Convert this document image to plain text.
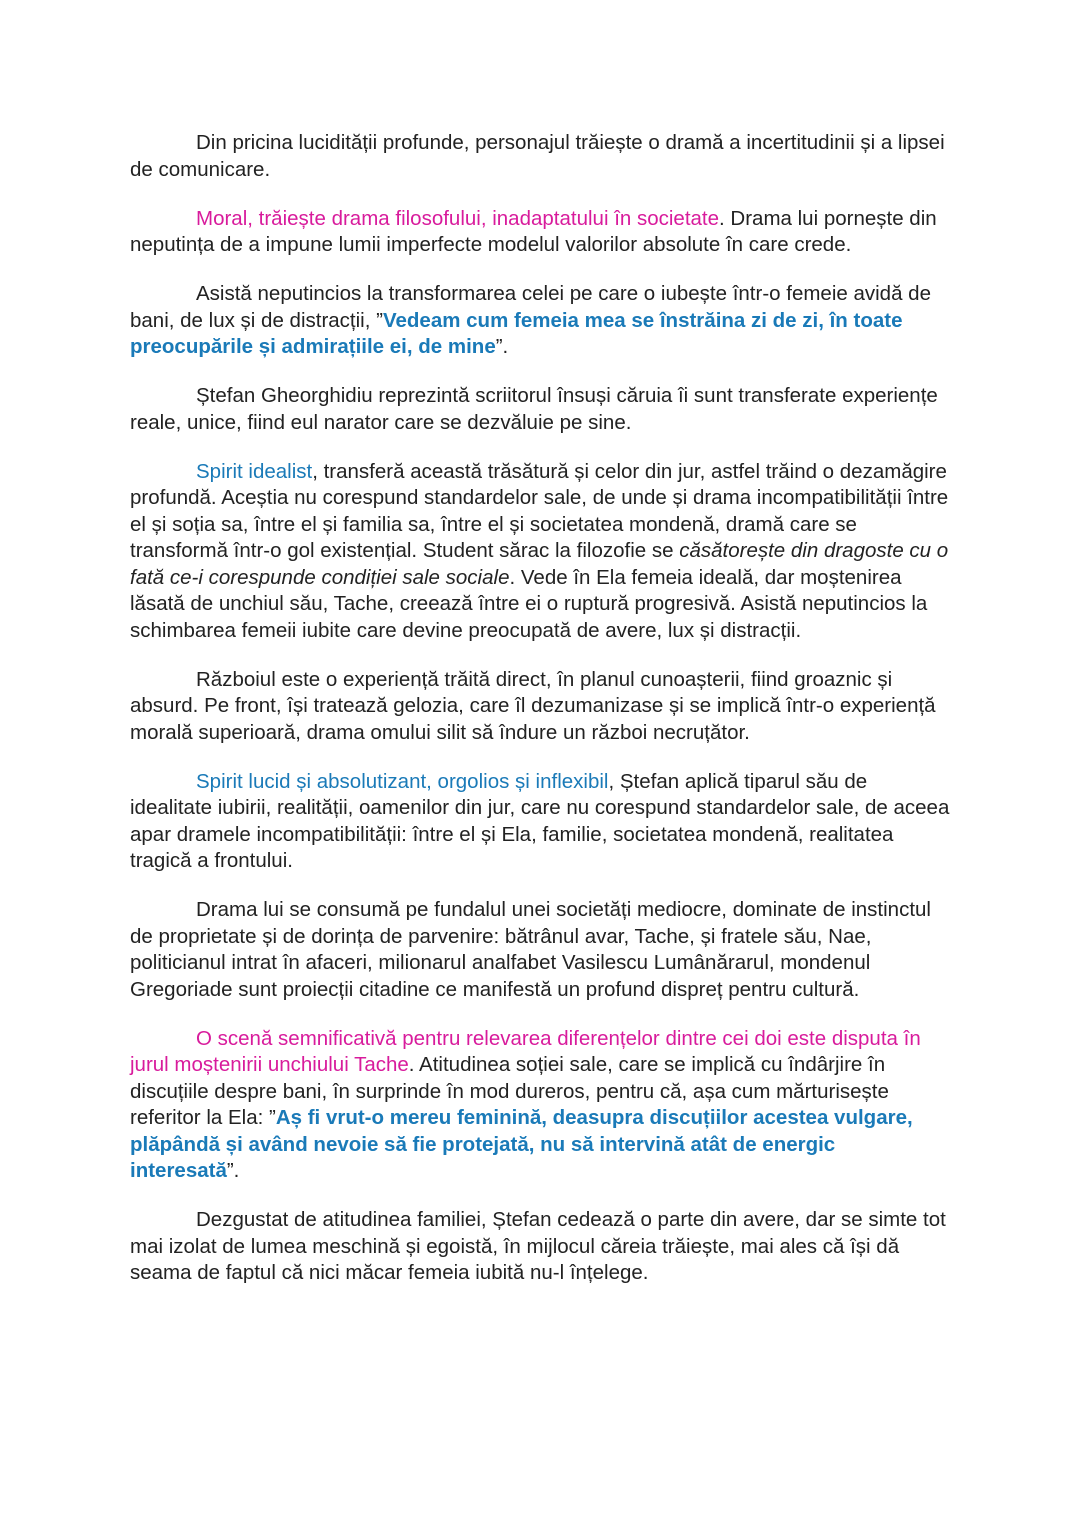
Din pricina lucidității profunde, personajul trăiește o dramă a incertitudinii și a lipsei de comunicare.

Moral, trăiește drama filosofului, inadaptatului în societate. Drama lui pornește din neputința de a impune lumii imperfecte modelul valorilor absolute în care crede.

Asistă neputincios la transformarea celei pe care o iubește într-o femeie avidă de bani, de lux și de distracții, ”Vedeam cum femeia mea se înstrăina zi de zi, în toate preocupările și admirațiile ei, de mine”.

Ștefan Gheorghidiu reprezintă scriitorul însuși căruia îi sunt transferate experiențe reale, unice, fiind eul narator care se dezvăluie pe sine.

Spirit idealist, transferă această trăsătură și celor din jur, astfel trăind o dezamăgire profundă. Aceștia nu corespund standardelor sale, de unde și drama incompatibilității între el și soția sa, între el și familia sa, între el și societatea mondenă, dramă care se transformă într-o gol existențial. Student sărac la filozofie se căsătorește din dragoste cu o fată ce-i corespunde condiției sale sociale. Vede în Ela femeia ideală, dar moștenirea lăsată de unchiul său, Tache, creează între ei o ruptură progresivă. Asistă neputincios la schimbarea femeii iubite care devine preocupată de avere, lux și distracții.

Războiul este o experiență trăită direct, în planul cunoașterii, fiind groaznic și absurd. Pe front, își tratează gelozia, care îl dezumanizase și se implică într-o experiență morală superioară, drama omului silit să îndure un război necruțător.

Spirit lucid și absolutizant, orgolios și inflexibil, Ștefan aplică tiparul său de idealitate iubirii, realității, oamenilor din jur, care nu corespund standardelor sale, de aceea apar dramele incompatibilității: între el și Ela, familie, societatea mondenă, realitatea tragică a frontului.

Drama lui se consumă pe fundalul unei societăți mediocre, dominate de instinctul de proprietate și de dorința de parvenire: bătrânul avar, Tache, și fratele său, Nae, politicianul intrat în afaceri, milionarul analfabet Vasilescu Lumânărarul, mondenul Gregoriade sunt proiecții citadine ce manifestă un profund dispreț pentru cultură.

O scenă semnificativă pentru relevarea diferențelor dintre cei doi este disputa în jurul moștenirii unchiului Tache. Atitudinea soției sale, care se implică cu îndârjire în discuțiile despre bani, în surprinde în mod dureros, pentru că, așa cum mărturisește referitor la Ela: ”Aș fi vrut-o mereu feminină, deasupra discuțiilor acestea vulgare, plăpândă și având nevoie să fie protejată, nu să intervină atât de energic interesată”.

Dezgustat de atitudinea familiei, Ștefan cedează o parte din avere, dar se simte tot mai izolat de lumea meschină și egoistă, în mijlocul căreia trăiește, mai ales că își dă seama de faptul că nici măcar femeia iubită nu-l înțelege.
